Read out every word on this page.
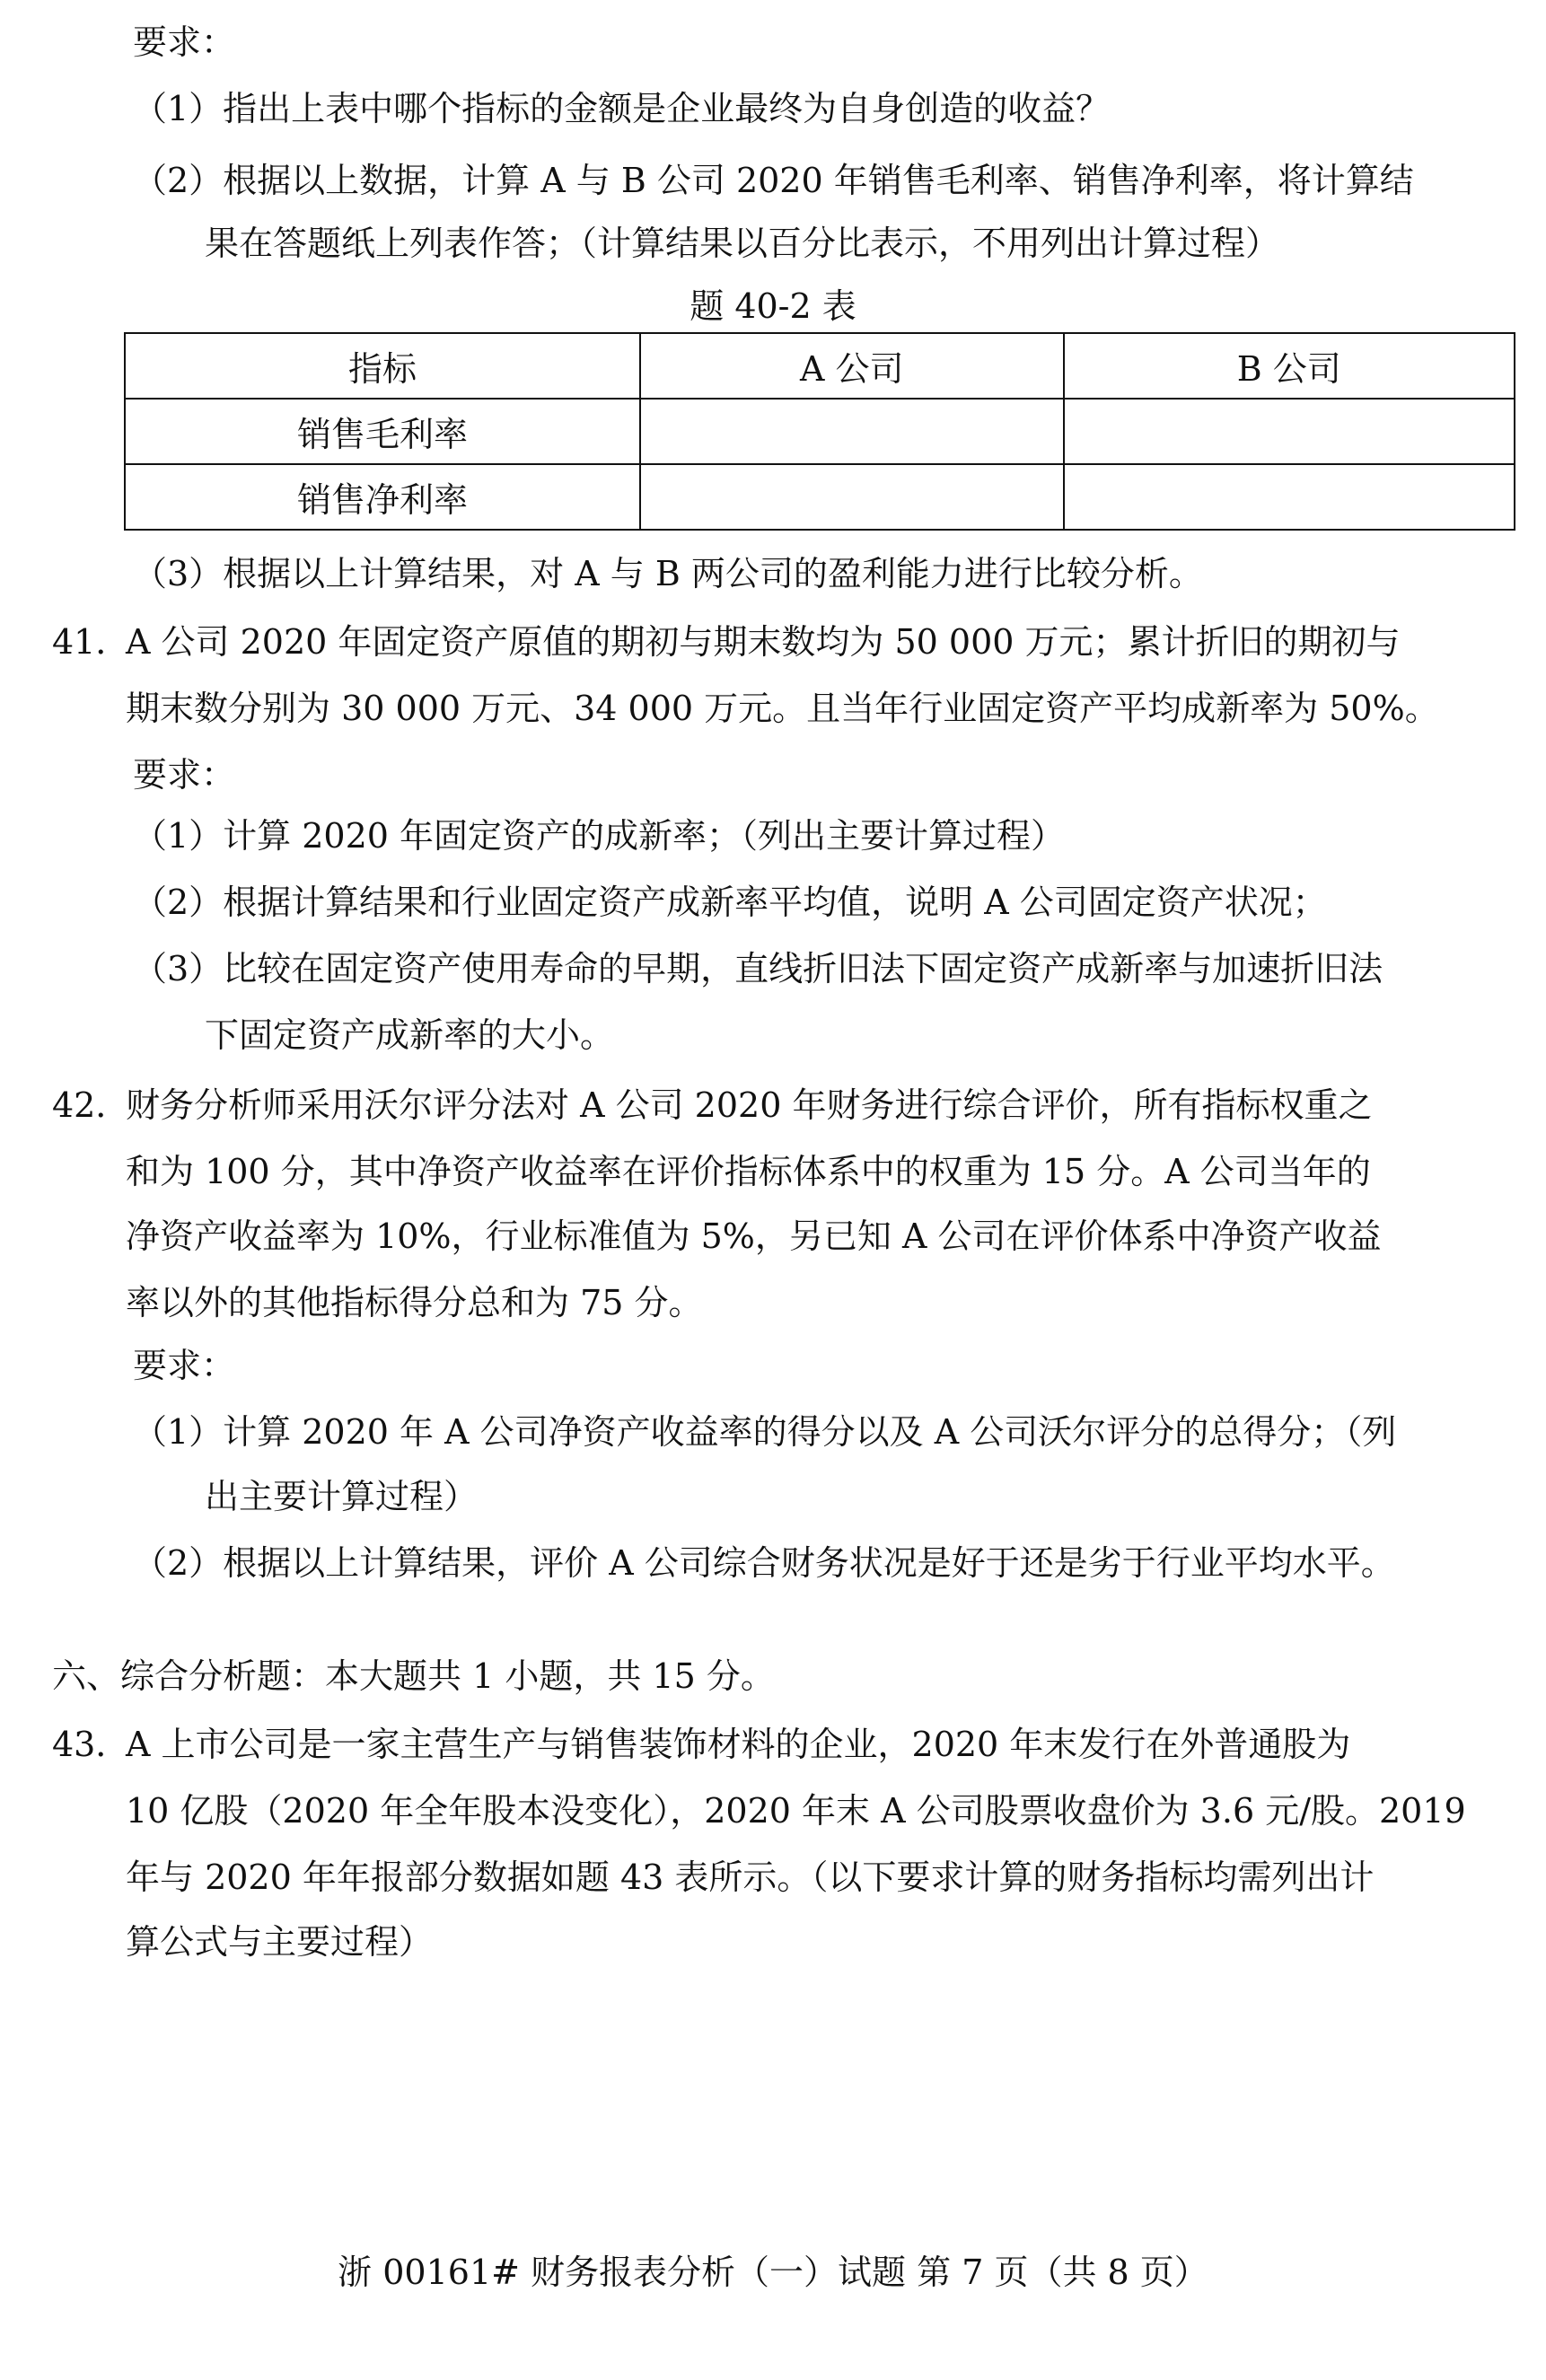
要求：
（1）指出上表中哪个指标的金额是企业最终为自身创造的收益？
（2）根据以上数据，计算 A 与 B 公司 2020 年销售毛利率、销售净利率，将计算结
果在答题纸上列表作答；（计算结果以百分比表示，不用列出计算过程）
题 40-2 表
指标	A 公司	B 公司
销售毛利率		
销售净利率		
（3）根据以上计算结果，对 A 与 B 两公司的盈利能力进行比较分析。
41．
A 公司 2020 年固定资产原值的期初与期末数均为 50 000 万元；累计折旧的期初与
期末数分别为 30 000 万元、34 000 万元。且当年行业固定资产平均成新率为 50%。
要求：
（1）计算 2020 年固定资产的成新率；（列出主要计算过程）
（2）根据计算结果和行业固定资产成新率平均值，说明 A 公司固定资产状况；
（3）比较在固定资产使用寿命的早期，直线折旧法下固定资产成新率与加速折旧法
下固定资产成新率的大小。
42．
财务分析师采用沃尔评分法对 A 公司 2020 年财务进行综合评价，所有指标权重之
和为 100 分，其中净资产收益率在评价指标体系中的权重为 15 分。A 公司当年的
净资产收益率为 10%，行业标准值为 5%，另已知 A 公司在评价体系中净资产收益
率以外的其他指标得分总和为 75 分。
要求：
（1）计算 2020 年 A 公司净资产收益率的得分以及 A 公司沃尔评分的总得分；（列
出主要计算过程）
（2）根据以上计算结果，评价 A 公司综合财务状况是好于还是劣于行业平均水平。
六、综合分析题：本大题共 1 小题，共 15 分。
43．
A 上市公司是一家主营生产与销售装饰材料的企业，2020 年末发行在外普通股为
10 亿股（2020 年全年股本没变化），2020 年末 A 公司股票收盘价为 3.6 元/股。2019
年与 2020 年年报部分数据如题 43 表所示。（以下要求计算的财务指标均需列出计
算公式与主要过程）
浙 00161# 财务报表分析（一）试题 第 7 页（共 8 页）
